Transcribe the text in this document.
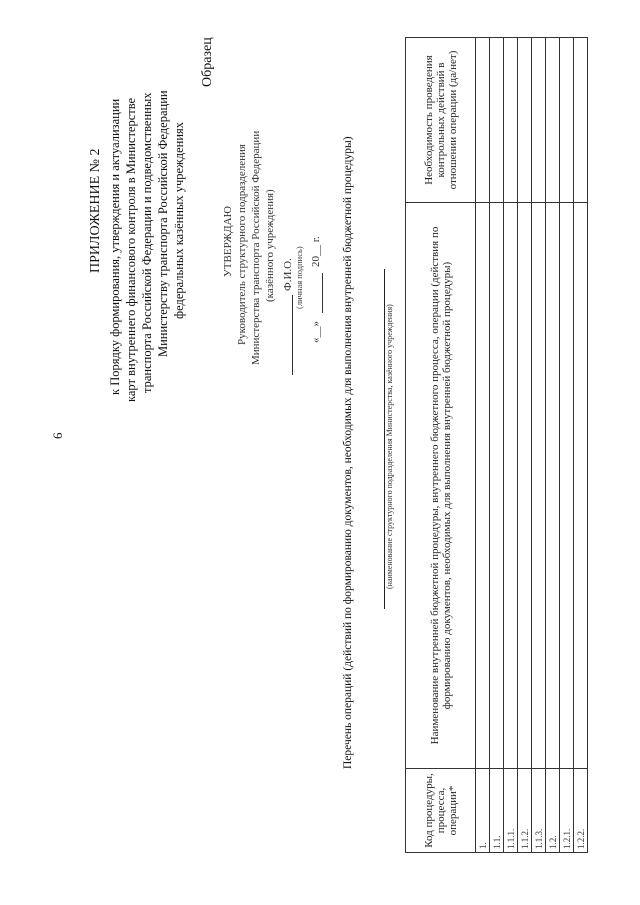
6
ПРИЛОЖЕНИЕ № 2 к Порядку формирования, утверждения и актуализации карт внутреннего финансового контроля в Министерстве транспорта Российской Федерации и подведомственных Министерству транспорта Российской Федерации федеральных казённых учреждениях
Образец
УТВЕРЖДАЮ Руководитель структурного подразделения Министерства транспорта Российской Федерации (казённого учреждения) Ф.И.О. (личная подпись)
«__»
20__ г. Перечень операций (действий по формированию документов, необходимых для выполнения внутренней бюджетной процедуры)	(наименование структурного подразделения Министерства, казённого учреждения)
Код процедуры, процесса, операции*	Наименование внутренней бюджетной процедуры, внутреннего бюджетного процесса, операции (действия по формированию документов, необходимых для выполнения внутренней бюджетной процедуры)	Необходимость проведения контрольных действий в отношении операции (да/нет)
1.		
1.1.		
1.1.1.		
1.1.2.		
1.1.3.		
1.2.		
1.2.1.		
1.2.2.		
